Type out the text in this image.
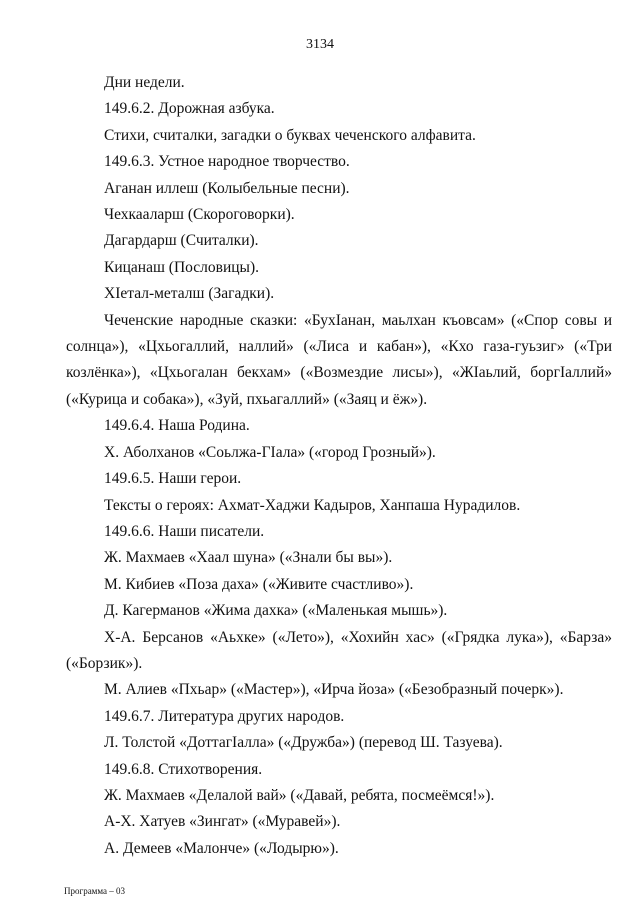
3134

Дни недели.

149.6.2. Дорожная азбука.

Стихи, считалки, загадки о буквах чеченского алфавита.

149.6.3. Устное народное творчество.

Аганан иллеш (Колыбельные песни).

Чехкааларш (Скороговорки).

Дагардарш (Считалки).

Кицанаш (Пословицы).

XIетал-металш (Загадки).

Чеченские народные сказки: «БухIанан, маьлхан къовсам» («Спор совы и солнца»), «Цхьогаллий, наллий» («Лиса и кабан»), «Кхо газа-гуьзиг» («Три козлёнка»), «Цхьогалан бекхам» («Возмездие лисы»), «ЖIаьлий, боргIаллий» («Курица и собака»), «Зуй, пхьагаллий» («Заяц и ёж»).

149.6.4. Наша Родина.

Х. Аболханов «Соьлжа-ГIала» («город Грозный»).

149.6.5. Наши герои.

Тексты о героях: Ахмат-Хаджи Кадыров, Ханпаша Нурадилов.

149.6.6. Наши писатели.

Ж. Махмаев «Хаал шуна» («Знали бы вы»).

М. Кибиев «Поза даха» («Живите счастливо»).

Д. Кагерманов «Жима дахка» («Маленькая мышь»).

Х-А. Берсанов «Аьхке» («Лето»), «Хохийн хас» («Грядка лука»), «Барза» («Борзик»).

М. Алиев «Пхьар» («Мастер»), «Ирча йоза» («Безобразный почерк»).

149.6.7. Литература других народов.

Л. Толстой «ДоттагIалла» («Дружба») (перевод Ш. Тазуева).

149.6.8. Стихотворения.

Ж. Махмаев «Делалой вай» («Давай, ребята, посмеёмся!»).

А-Х. Хатуев «Зингат» («Муравей»).

А. Демеев «Малонче» («Лодырю»).

Программа – 03
